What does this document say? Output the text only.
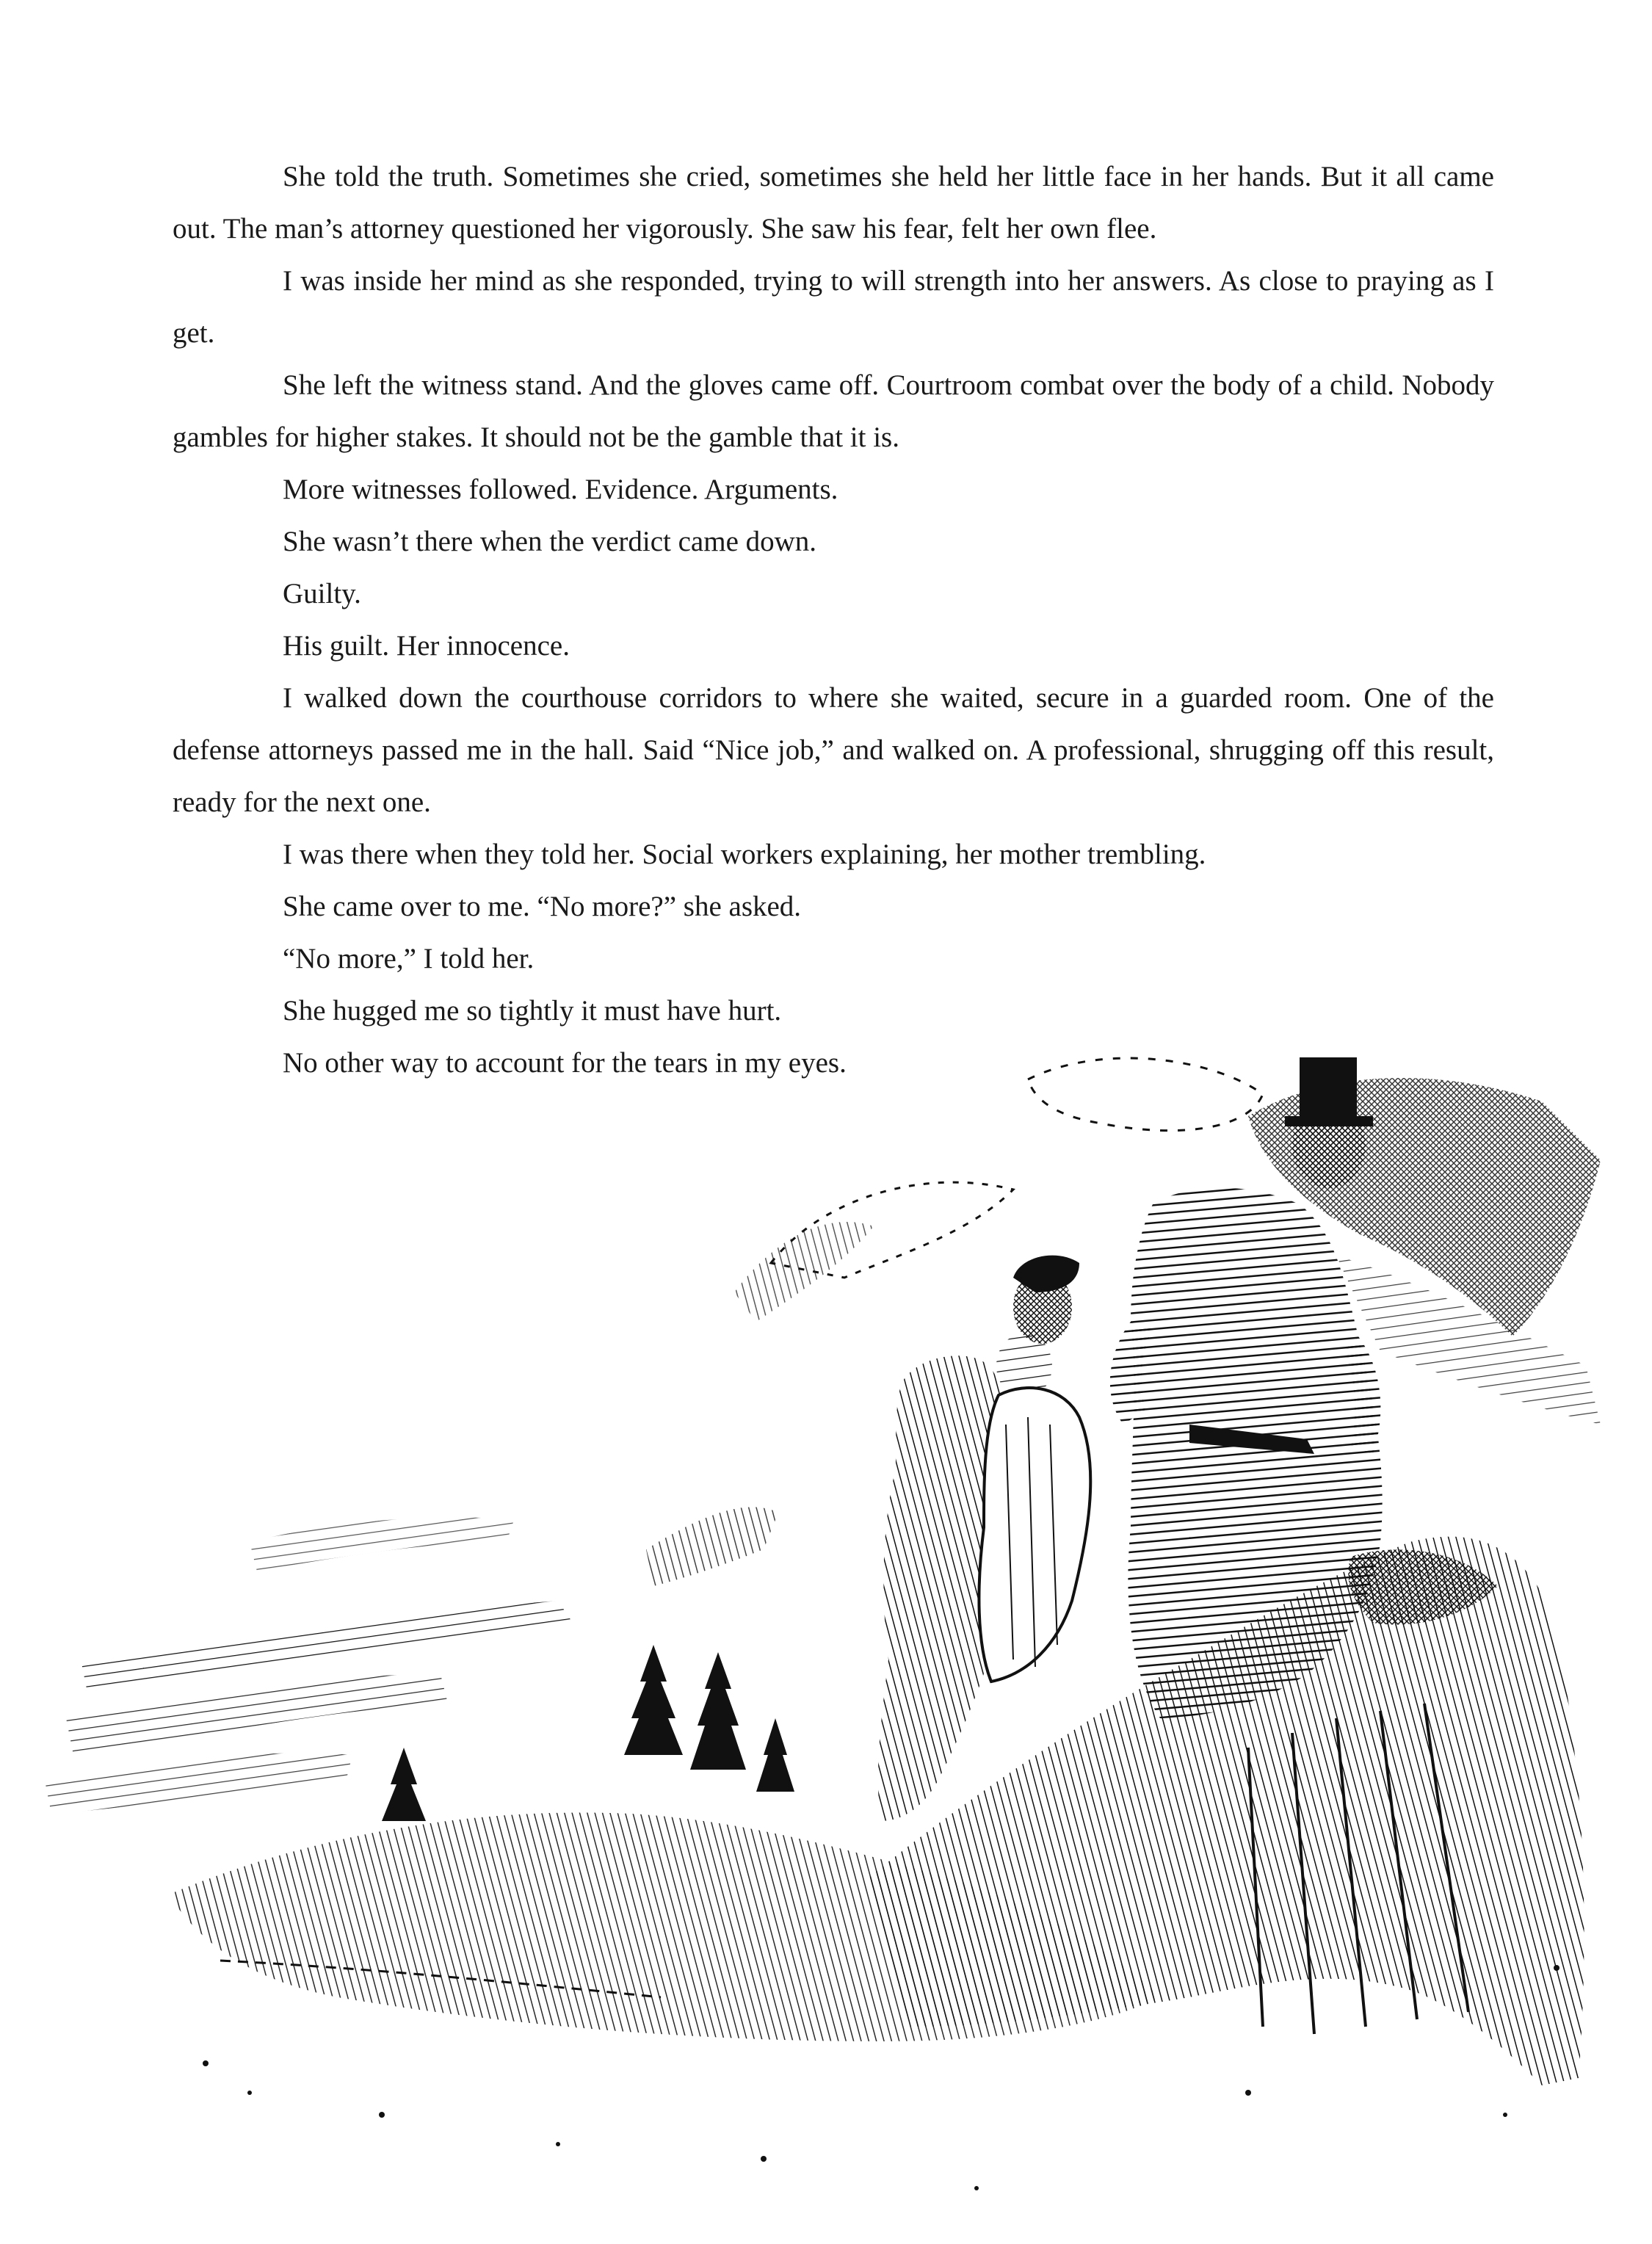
She told the truth. Sometimes she cried, sometimes she held her little face in her hands. But it all came out. The man’s attorney questioned her vigorously. She saw his fear, felt her own flee.

I was inside her mind as she responded, trying to will strength into her answers. As close to praying as I get.

She left the witness stand. And the gloves came off. Courtroom combat over the body of a child. Nobody gambles for higher stakes. It should not be the gamble that it is.

More witnesses followed. Evidence. Arguments.

She wasn’t there when the verdict came down.

Guilty.

His guilt. Her innocence.

I walked down the courthouse corridors to where she waited, secure in a guarded room. One of the defense attorneys passed me in the hall. Said “Nice job,” and walked on. A professional, shrugging off this result, ready for the next one.

I was there when they told her. Social workers explaining, her mother trembling.

She came over to me. “No more?” she asked.

“No more,” I told her.

She hugged me so tightly it must have hurt.

No other way to account for the tears in my eyes.
